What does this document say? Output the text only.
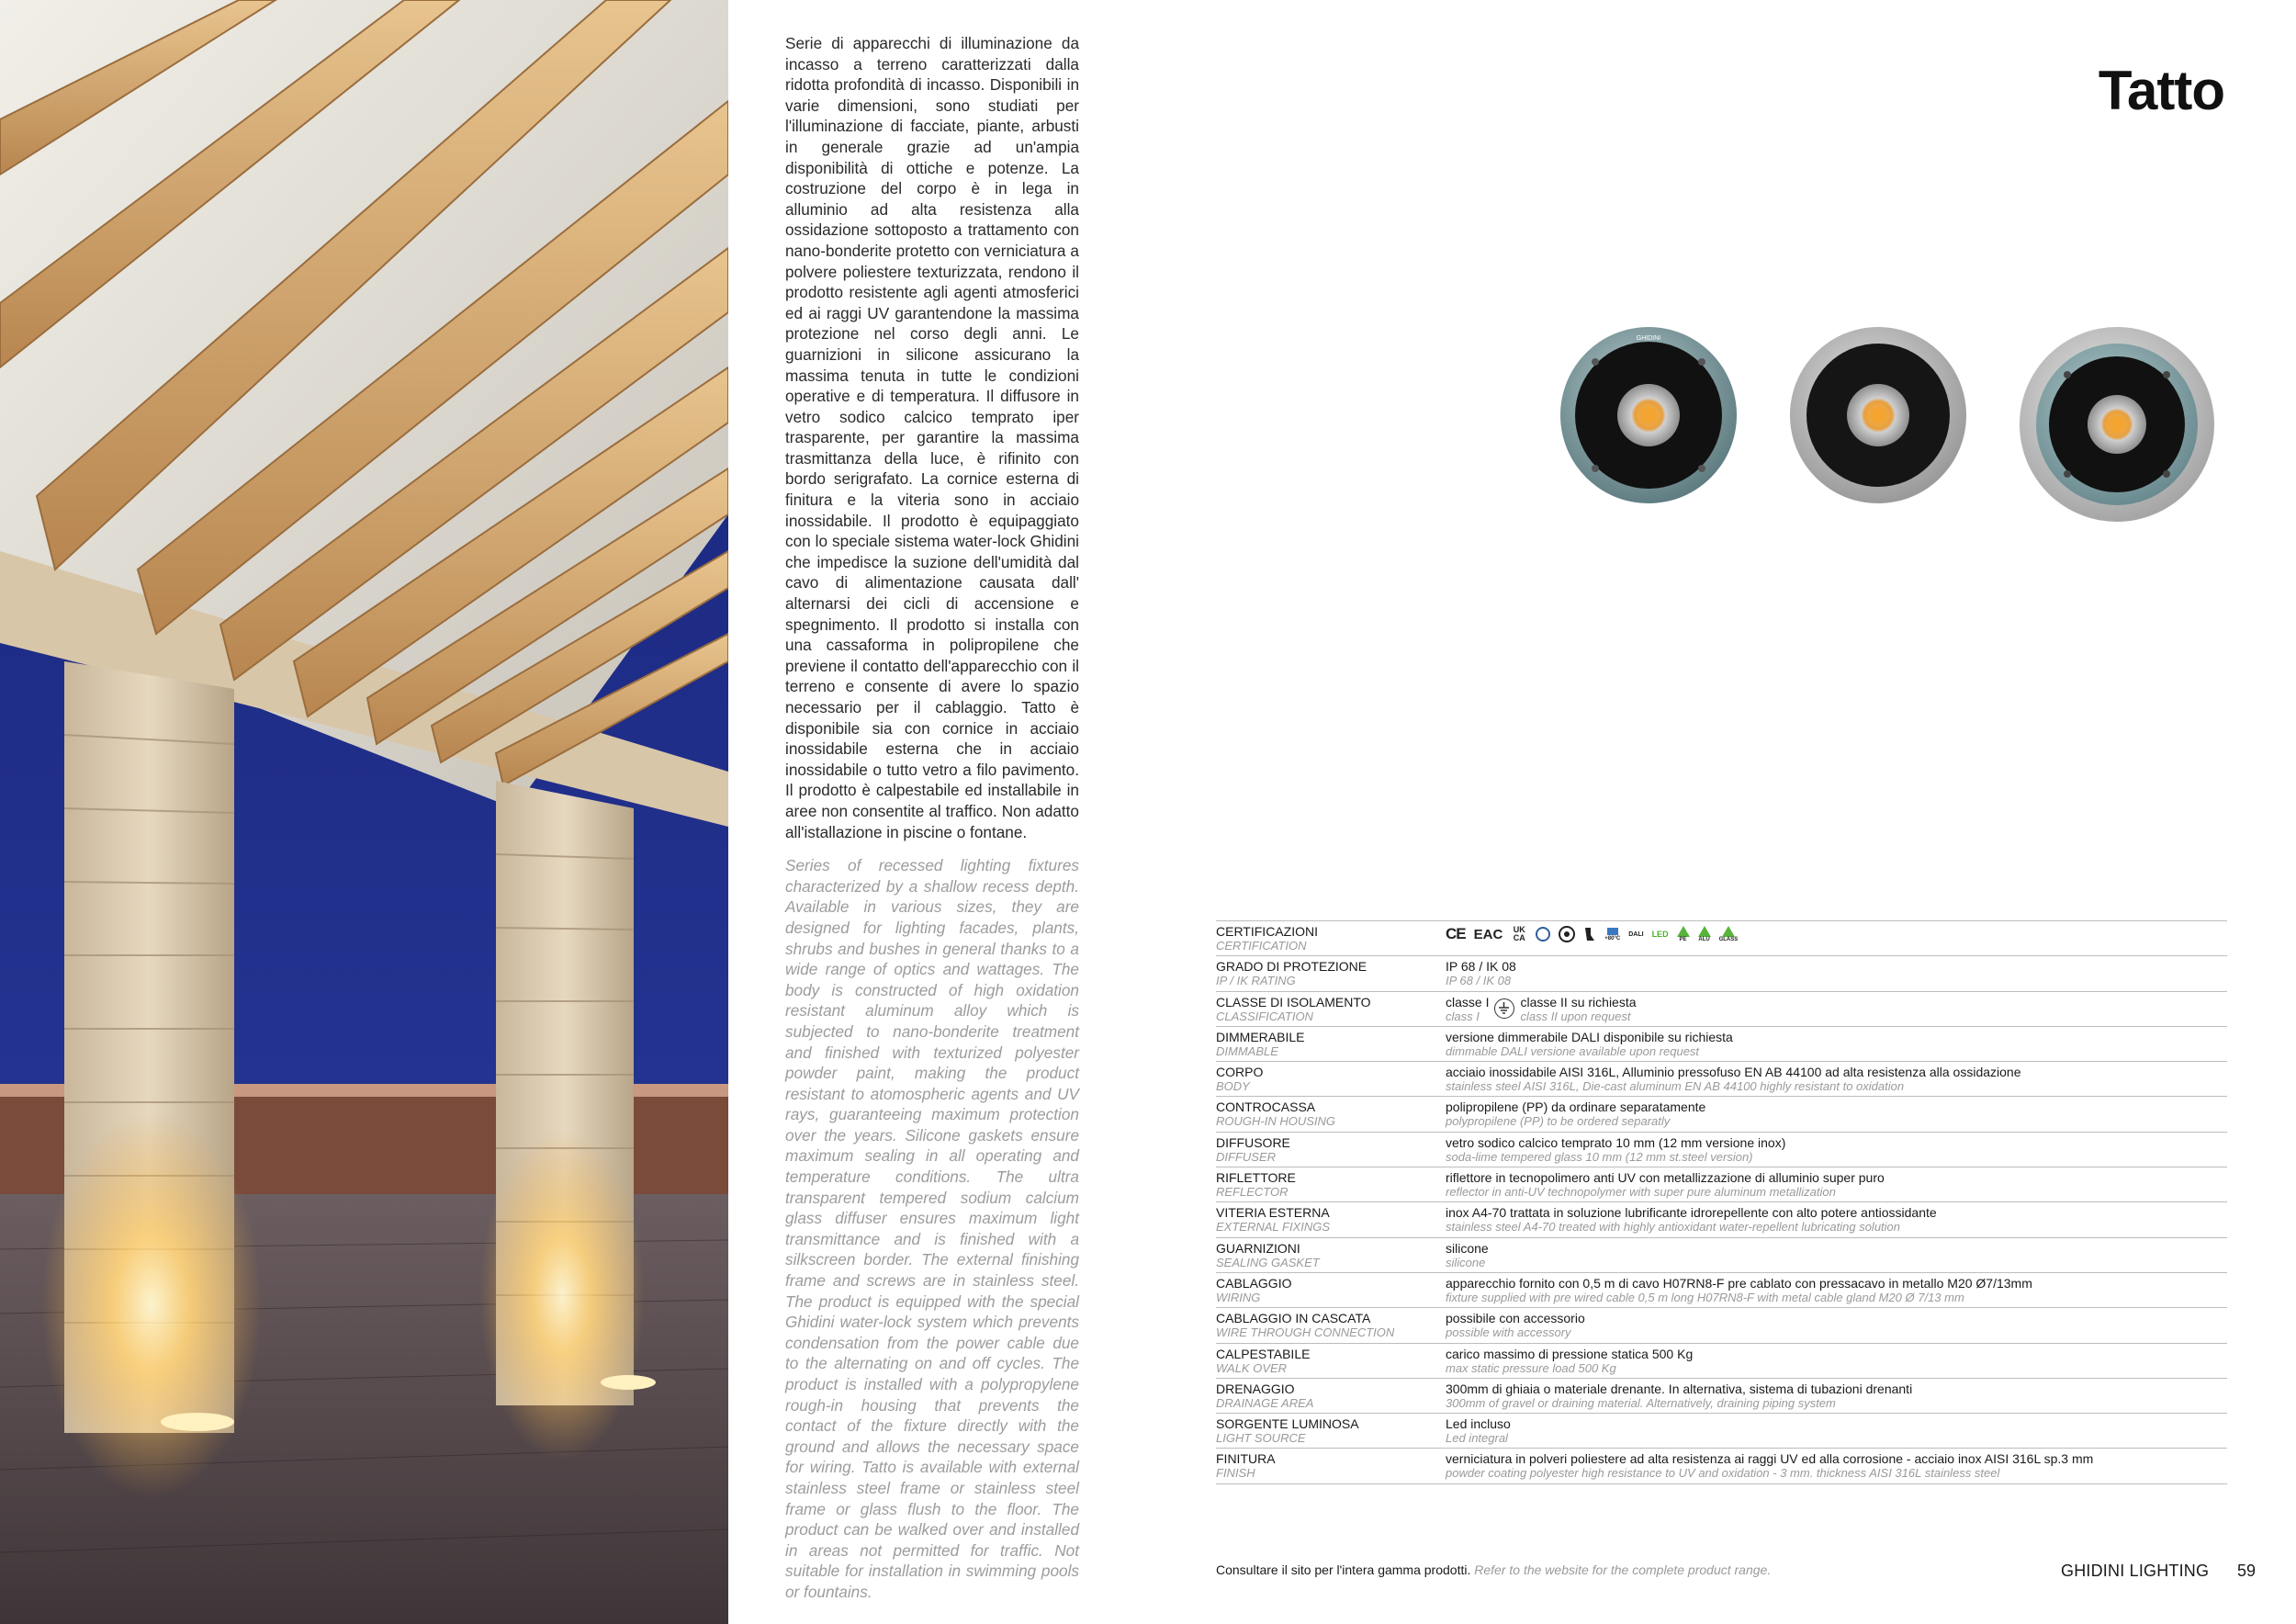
Serie di apparecchi di illuminazione da incasso a terreno caratterizzati dalla ridotta profondità di incasso. Disponibili in varie dimensioni, sono studiati per l'illuminazione di facciate, piante, arbusti in generale grazie ad un'ampia disponibilità di ottiche e potenze. La costruzione del corpo è in lega in alluminio ad alta resistenza alla ossidazione sottoposto a trattamento con nano-bonderite protetto con verniciatura a polvere poliestere texturizzata, rendono il prodotto resistente agli agenti atmosferici ed ai raggi UV garantendone la massima protezione nel corso degli anni. Le guarnizioni in silicone assicurano la massima tenuta in tutte le condizioni operative e di temperatura. Il diffusore in vetro sodico calcico temprato iper trasparente, per garantire la massima trasmittanza della luce, è rifinito con bordo serigrafato. La cornice esterna di finitura e la viteria sono in acciaio inossidabile. Il prodotto è equipaggiato con lo speciale sistema water-lock Ghidini che impedisce la suzione dell'umidità dal cavo di alimentazione causata dall' alternarsi dei cicli di accensione e spegnimento. Il prodotto si installa con una cassaforma in polipropilene che previene il contatto dell'apparecchio con il terreno e consente di avere lo spazio necessario per il cablaggio. Tatto è disponibile sia con cornice in acciaio inossidabile esterna che in acciaio inossidabile o tutto vetro a filo pavimento. Il prodotto è calpestabile ed installabile in aree non consentite al traffico. Non adatto all'istallazione in piscine o fontane.

Series of recessed lighting fixtures characterized by a shallow recess depth. Available in various sizes, they are designed for lighting facades, plants, shrubs and bushes in general thanks to a wide range of optics and wattages. The body is constructed of high oxidation resistant aluminum alloy which is subjected to nano-bonderite treatment and finished with texturized polyester powder paint, making the product resistant to atomospheric agents and UV rays, guaranteeing maximum protection over the years. Silicone gaskets ensure maximum sealing in all operating and temperature conditions. The ultra transparent tempered sodium calcium glass diffuser ensures maximum light transmittance and is finished with a silkscreen border. The external finishing frame and screws are in stainless steel. The product is equipped with the special Ghidini water-lock system which prevents condensation from the power cable due to the alternating on and off cycles. The product is installed with a polypropylene rough-in housing that prevents the contact of the fixture directly with the ground and allows the necessary space for wiring. Tatto is available with external stainless steel frame or stainless steel frame or glass flush to the floor. The product can be walked over and installed in areas not permitted for traffic. Not suitable for installation in swimming pools or fountains.

Tatto
GHIDINI
CERTIFICAZIONI
CERTIFICATION
CE EAC UK CA	+80°C
DALI LED
PE ALU GLASS
GRADO DI PROTEZIONE
IP / IK RATING
IP 68 / IK 08
IP 68 / IK 08
CLASSE DI ISOLAMENTO
CLASSIFICATION
classe I
class I
classe II su richiesta
class II upon request
DIMMERABILE
DIMMABLE
versione dimmerabile DALI disponibile su richiesta
dimmable DALI versione available upon request
CORPO
BODY
acciaio inossidabile AISI 316L, Alluminio pressofuso EN AB 44100 ad alta resistenza alla ossidazione
stainless steel AISI 316L, Die-cast aluminum EN AB 44100 highly resistant to oxidation
CONTROCASSA
ROUGH-IN HOUSING
polipropilene (PP) da ordinare separatamente
polypropilene (PP) to be ordered separatly
DIFFUSORE
DIFFUSER
vetro sodico calcico temprato 10 mm (12 mm versione inox)
soda-lime tempered glass 10 mm (12 mm st.steel version)
RIFLETTORE
REFLECTOR
riflettore in tecnopolimero anti UV con metallizzazione di alluminio super puro
reflector in anti-UV technopolymer with super pure aluminum metallization
VITERIA ESTERNA
EXTERNAL FIXINGS
inox A4-70 trattata in soluzione lubrificante idrorepellente con alto potere antiossidante
stainless steel A4-70 treated with highly antioxidant water-repellent lubricating solution
GUARNIZIONI
SEALING GASKET
silicone
silicone
CABLAGGIO
WIRING
apparecchio fornito con 0,5 m di cavo H07RN8-F pre cablato con pressacavo in metallo M20 Ø7/13mm
fixture supplied with pre wired cable 0,5 m long H07RN8-F with metal cable gland M20 Ø 7/13 mm
CABLAGGIO IN CASCATA
WIRE THROUGH CONNECTION
possibile con accessorio
possible with accessory
CALPESTABILE
WALK OVER
carico massimo di pressione statica 500 Kg
max static pressure load 500 Kg
DRENAGGIO
DRAINAGE AREA
300mm di ghiaia o materiale drenante. In alternativa, sistema di tubazioni drenanti
300mm of gravel or draining material. Alternatively, draining piping system
SORGENTE LUMINOSA
LIGHT SOURCE
Led incluso
Led integral
FINITURA
FINISH
verniciatura in polveri poliestere ad alta resistenza ai raggi UV ed alla corrosione - acciaio inox AISI 316L sp.3 mm
powder coating polyester high resistance to UV and oxidation - 3 mm. thickness AISI 316L stainless steel
Consultare il sito per l'intera gamma prodotti. Refer to the website for the complete product range.	GHIDINI LIGHTING 59
